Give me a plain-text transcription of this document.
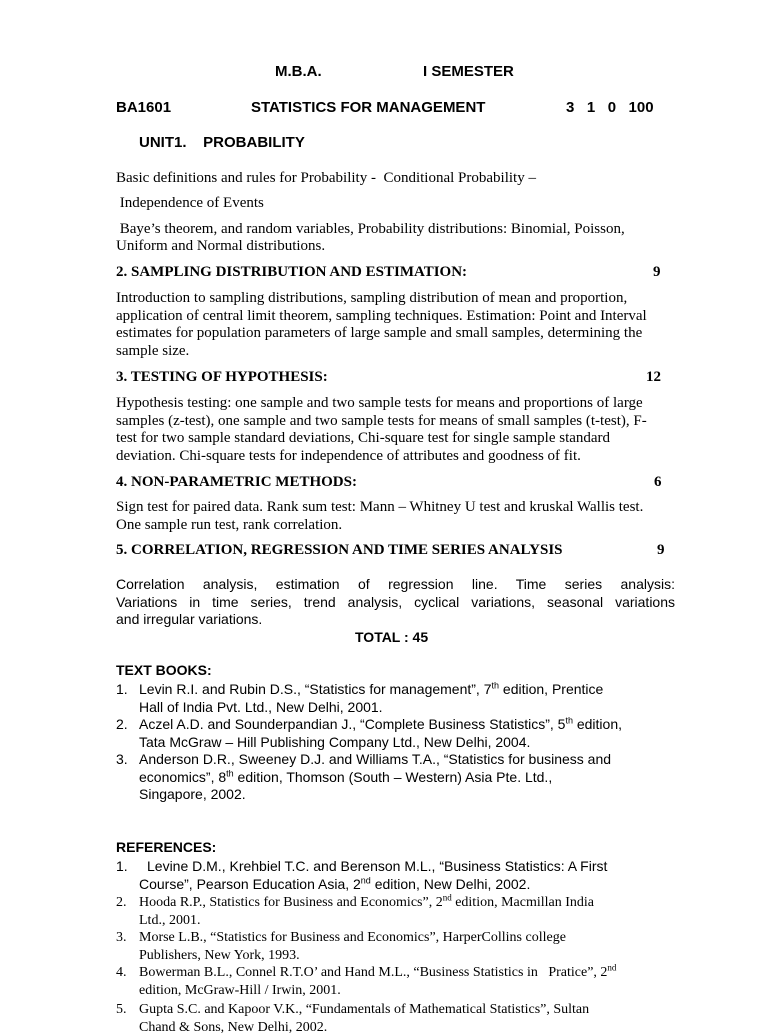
M.B.A.	I SEMESTER
BA1601	STATISTICS FOR MANAGEMENT	3   1   0   100
UNIT1.    PROBABILITY
Basic definitions and rules for Probability -  Conditional Probability –
Independence of Events
Baye’s theorem, and random variables, Probability distributions: Binomial, Poisson,
Uniform and Normal distributions.
2. SAMPLING DISTRIBUTION AND ESTIMATION:	9
Introduction to sampling distributions, sampling distribution of mean and proportion,
application of central limit theorem, sampling techniques. Estimation: Point and Interval
estimates for population parameters of large sample and small samples, determining the
sample size.
3. TESTING OF HYPOTHESIS:	12
Hypothesis testing: one sample and two sample tests for means and proportions of large
samples (z-test), one sample and two sample tests for means of small samples (t-test), F-
test for two sample standard deviations, Chi-square test for single sample standard
deviation. Chi-square tests for independence of attributes and goodness of fit.
4. NON-PARAMETRIC METHODS:	6
Sign test for paired data. Rank sum test: Mann – Whitney U test and kruskal Wallis test.
One sample run test, rank correlation.
5. CORRELATION, REGRESSION AND TIME SERIES ANALYSIS	9
Correlation analysis, estimation of regression line. Time series analysis:
Variations in time series, trend analysis, cyclical variations, seasonal variations
and irregular variations.
TOTAL : 45
TEXT BOOKS:
1. Levin R.I. and Rubin D.S., “Statistics for management”, 7th edition, Prentice
Hall of India Pvt. Ltd., New Delhi, 2001.
2. Aczel A.D. and Sounderpandian J., “Complete Business Statistics”, 5th edition,
Tata McGraw – Hill Publishing Company Ltd., New Delhi, 2004.
3. Anderson D.R., Sweeney D.J. and Williams T.A., “Statistics for business and
economics”, 8th edition, Thomson (South – Western) Asia Pte. Ltd.,
Singapore, 2002.
REFERENCES:
1. Levine D.M., Krehbiel T.C. and Berenson M.L., “Business Statistics: A First
Course”, Pearson Education Asia, 2nd edition, New Delhi, 2002.
2. Hooda R.P., Statistics for Business and Economics”, 2nd edition, Macmillan India
Ltd., 2001.
3. Morse L.B., “Statistics for Business and Economics”, HarperCollins college
Publishers, New York, 1993.
4. Bowerman B.L., Connel R.T.O’ and Hand M.L., “Business Statistics in   Pratice”, 2nd
edition, McGraw-Hill / Irwin, 2001.
5. Gupta S.C. and Kapoor V.K., “Fundamentals of Mathematical Statistics”, Sultan
Chand & Sons, New Delhi, 2002.
